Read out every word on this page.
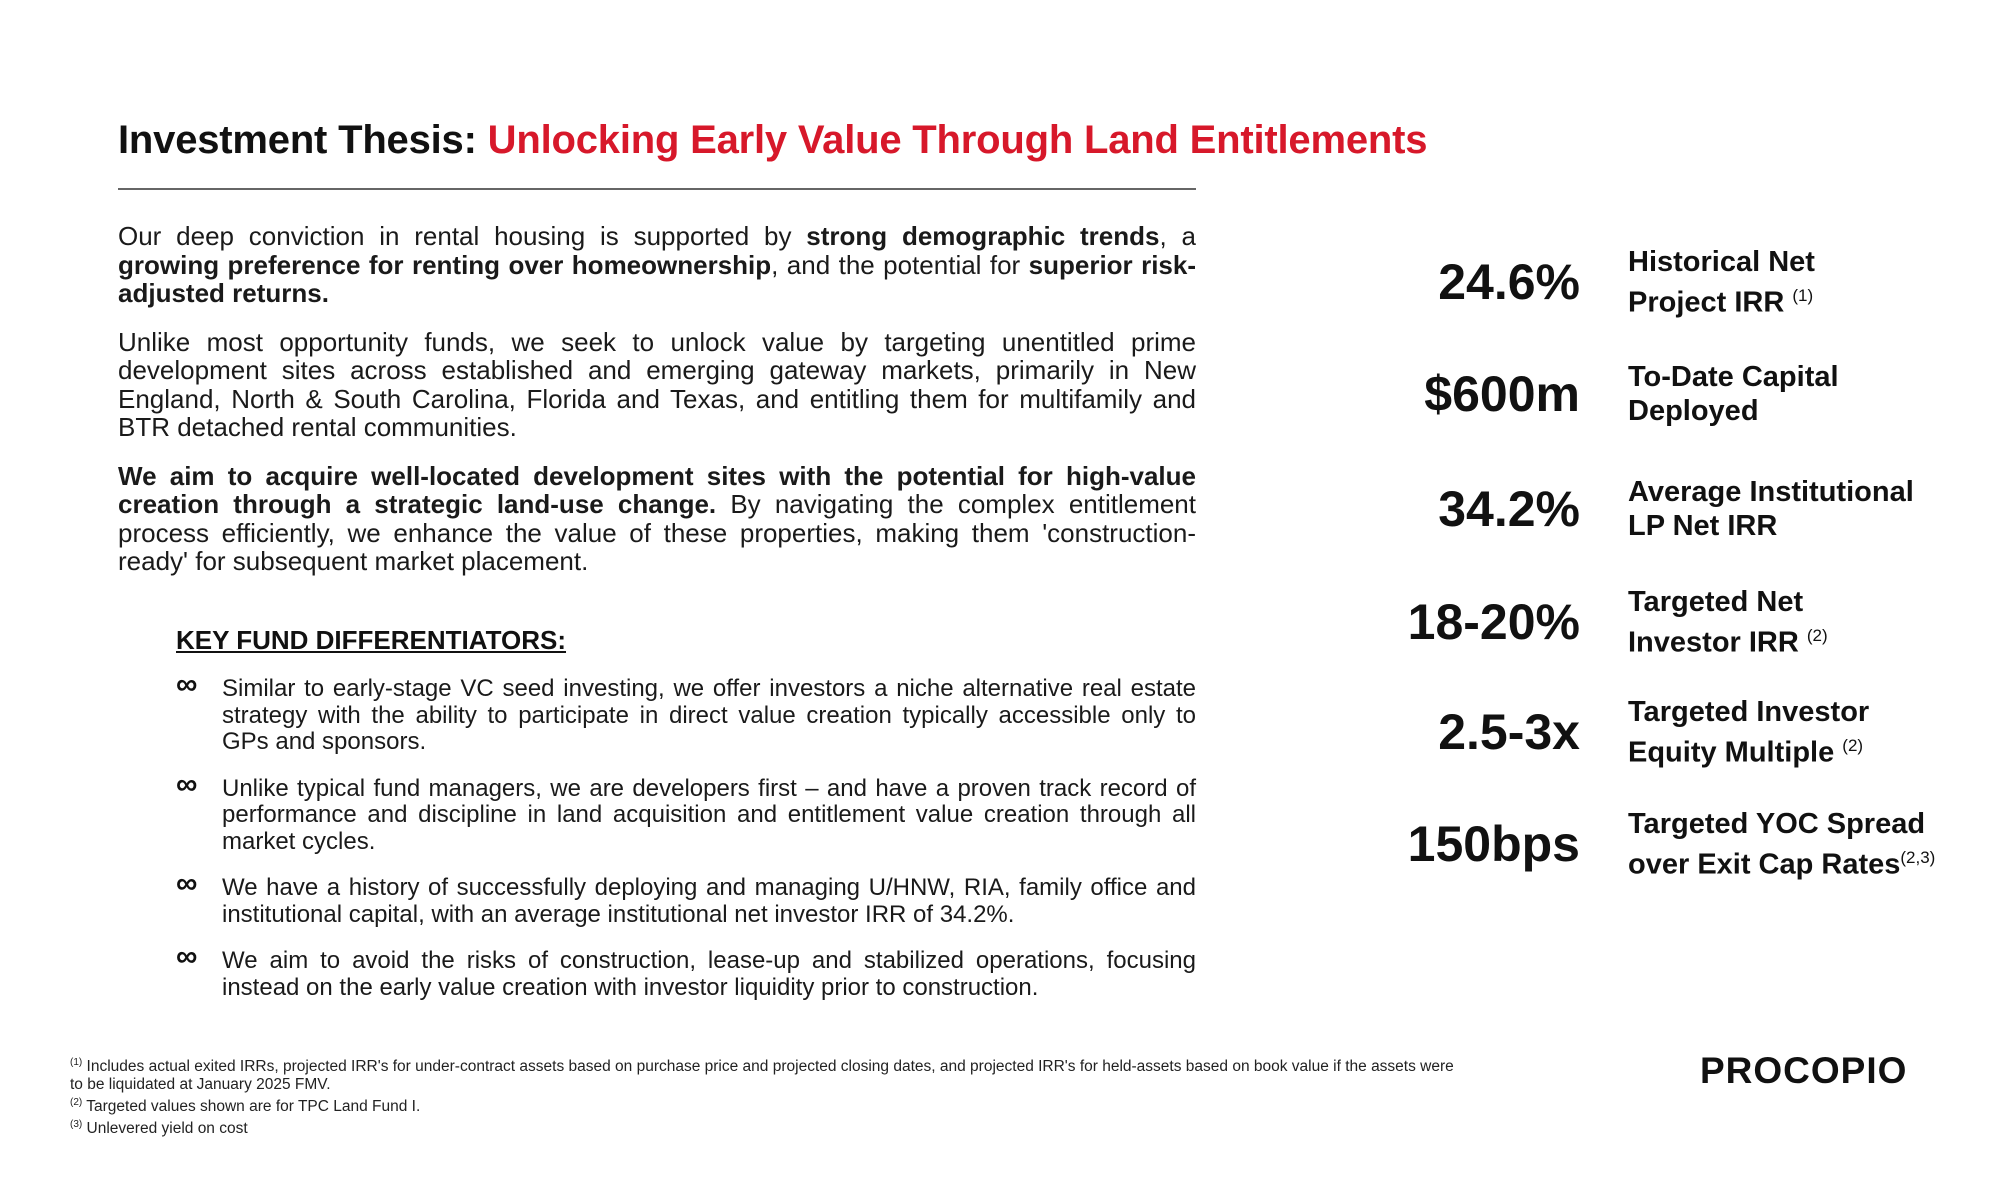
Investment Thesis: Unlocking Early Value Through Land Entitlements

Our deep conviction in rental housing is supported by strong demographic trends, a growing preference for renting over homeownership, and the potential for superior risk-adjusted returns.

Unlike most opportunity funds, we seek to unlock value by targeting unentitled prime development sites across established and emerging gateway markets, primarily in New England, North & South Carolina, Florida and Texas, and entitling them for multifamily and BTR detached rental communities.

We aim to acquire well-located development sites with the potential for high-value creation through a strategic land-use change. By navigating the complex entitlement process efficiently, we enhance the value of these properties, making them 'construction-ready' for subsequent market placement.

KEY FUND DIFFERENTIATORS:
∞ Similar to early-stage VC seed investing, we offer investors a niche alternative real estate strategy with the ability to participate in direct value creation typically accessible only to GPs and sponsors.
∞ Unlike typical fund managers, we are developers first – and have a proven track record of performance and discipline in land acquisition and entitlement value creation through all market cycles.
∞ We have a history of successfully deploying and managing U/HNW, RIA, family office and institutional capital, with an average institutional net investor IRR of 34.2%.
∞ We aim to avoid the risks of construction, lease-up and stabilized operations, focusing instead on the early value creation with investor liquidity prior to construction.
24.6% Historical Net
Project IRR $^{(1)}$
$600m To-Date Capital
Deployed
34.2% Average Institutional
LP Net IRR
18-20% Targeted Net
Investor IRR $^{(2)}$
2.5-3x Targeted Investor
Equity Multiple $^{(2)}$
150bps Targeted YOC Spread
over Exit Cap Rates$^{(2,3)}$
$^{(1)}$ Includes actual exited IRRs, projected IRR's for under-contract assets based on purchase price and projected closing dates, and projected IRR's for held-assets based on book value if the assets were to be liquidated at January 2025 FMV.
$^{(2)}$ Targeted values shown are for TPC Land Fund I.
$^{(3)}$ Unlevered yield on cost
PROCOPIO
